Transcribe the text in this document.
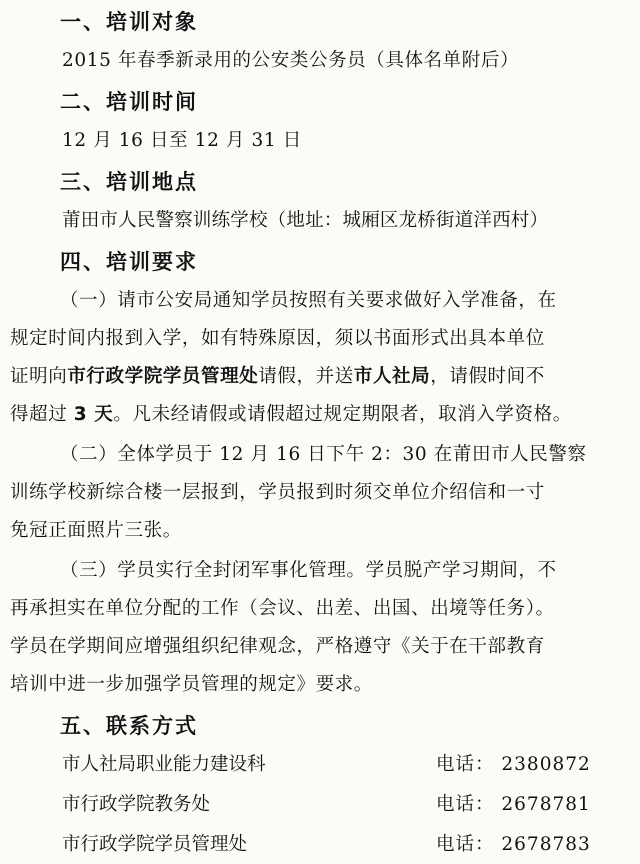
一、培训对象
2015 年春季新录用的公安类公务员（具体名单附后）
二、培训时间
12 月 16 日至 12 月 31 日
三、培训地点
莆田市人民警察训练学校（地址：城厢区龙桥街道洋西村）
四、培训要求
（一）请市公安局通知学员按照有关要求做好入学准备，在
规定时间内报到入学，如有特殊原因，须以书面形式出具本单位
证明向市行政学院学员管理处请假，并送市人社局，请假时间不
得超过 3 天。凡未经请假或请假超过规定期限者，取消入学资格。
（二）全体学员于 12 月 16 日下午 2：30 在莆田市人民警察
训练学校新综合楼一层报到，学员报到时须交单位介绍信和一寸
免冠正面照片三张。
（三）学员实行全封闭军事化管理。学员脱产学习期间，不
再承担实在单位分配的工作（会议、出差、出国、出境等任务）。
学员在学期间应增强组织纪律观念，严格遵守《关于在干部教育
培训中进一步加强学员管理的规定》要求。
五、联系方式
市人社局职业能力建设科	电话： 2380872
市行政学院教务处	电话： 2678781
市行政学院学员管理处	电话： 2678783
